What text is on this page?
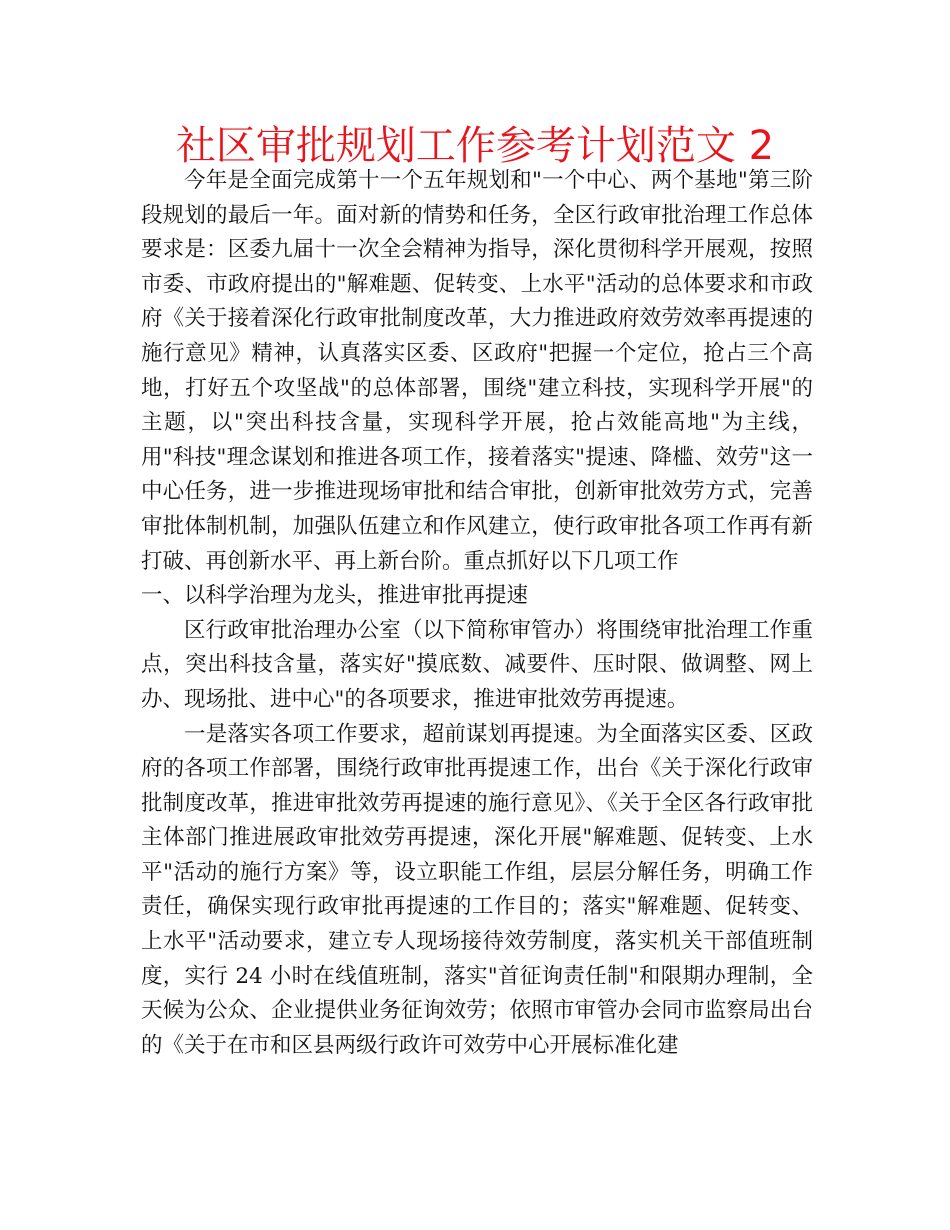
社区审批规划工作参考计划范文 2

今年是全面完成第十一个五年规划和"一个中心、两个基地"第三阶段规划的最后一年。面对新的情势和任务，全区行政审批治理工作总体要求是：区委九届十一次全会精神为指导，深化贯彻科学开展观，按照市委、市政府提出的"解难题、促转变、上水平"活动的总体要求和市政府《关于接着深化行政审批制度改革，大力推进政府效劳效率再提速的施行意见》精神，认真落实区委、区政府"把握一个定位，抢占三个高地，打好五个攻坚战"的总体部署，围绕"建立科技，实现科学开展"的主题，以"突出科技含量，实现科学开展，抢占效能高地"为主线，用"科技"理念谋划和推进各项工作，接着落实"提速、降槛、效劳"这一中心任务，进一步推进现场审批和结合审批，创新审批效劳方式，完善审批体制机制，加强队伍建立和作风建立，使行政审批各项工作再有新打破、再创新水平、再上新台阶。重点抓好以下几项工作

一、以科学治理为龙头，推进审批再提速

区行政审批治理办公室（以下简称审管办）将围绕审批治理工作重点，突出科技含量，落实好"摸底数、减要件、压时限、做调整、网上办、现场批、进中心"的各项要求，推进审批效劳再提速。

一是落实各项工作要求，超前谋划再提速。为全面落实区委、区政府的各项工作部署，围绕行政审批再提速工作，出台《关于深化行政审批制度改革，推进审批效劳再提速的施行意见》、《关于全区各行政审批主体部门推进展政审批效劳再提速，深化开展"解难题、促转变、上水平"活动的施行方案》等，设立职能工作组，层层分解任务，明确工作责任，确保实现行政审批再提速的工作目的；落实"解难题、促转变、上水平"活动要求，建立专人现场接待效劳制度，落实机关干部值班制度，实行 24 小时在线值班制，落实"首征询责任制"和限期办理制，全天候为公众、企业提供业务征询效劳；依照市审管办会同市监察局出台的《关于在市和区县两级行政许可效劳中心开展标准化建
